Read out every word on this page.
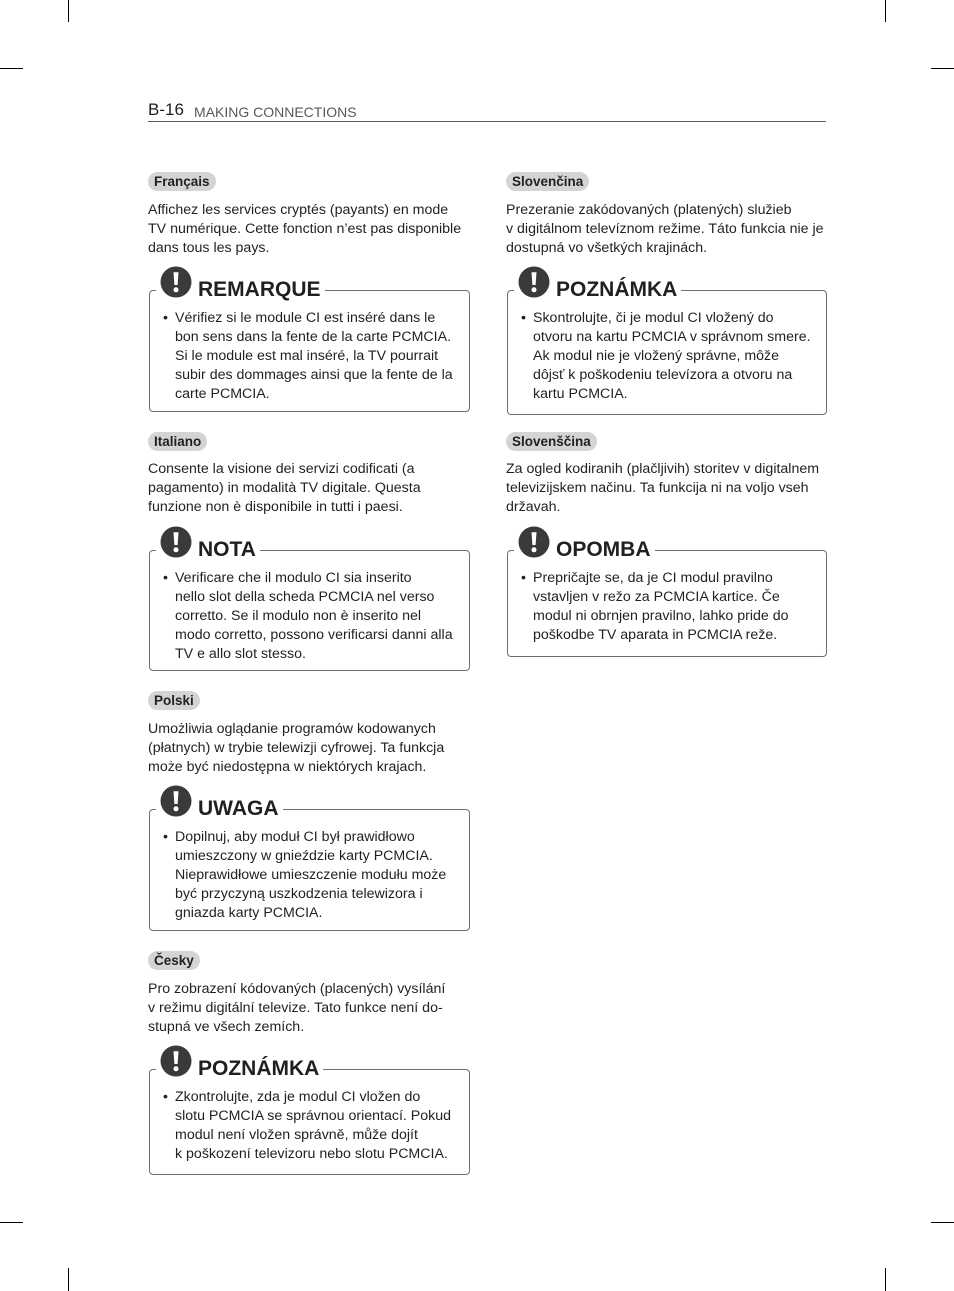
B-16 MAKING CONNECTIONS
Français
Affichez les services cryptés (payants) en mode
TV numérique. Cette fonction n’est pas disponible
dans tous les pays.
REMARQUE
•
Vérifiez si le module CI est inséré dans le
bon sens dans la fente de la carte PCMCIA.
Si le module est mal inséré, la TV pourrait
subir des dommages ainsi que la fente de la
carte PCMCIA.
Italiano
Consente la visione dei servizi codificati (a
pagamento) in modalità TV digitale. Questa
funzione non è disponibile in tutti i paesi.
NOTA
•
Verificare che il modulo CI sia inserito
nello slot della scheda PCMCIA nel verso
corretto. Se il modulo non è inserito nel
modo corretto, possono verificarsi danni alla
TV e allo slot stesso.
Polski
Umożliwia oglądanie programów kodowanych
(płatnych) w trybie telewizji cyfrowej. Ta funkcja
może być niedostępna w niektórych krajach.
UWAGA
•
Dopilnuj, aby moduł CI był prawidłowo
umieszczony w gnieździe karty PCMCIA.
Nieprawidłowe umieszczenie modułu może
być przyczyną uszkodzenia telewizora i
gniazda karty PCMCIA.
Česky
Pro zobrazení kódovaných (placených) vysílání
v režimu digitální televize. Tato funkce není do-
stupná ve všech zemích.
POZNÁMKA
•
Zkontrolujte, zda je modul CI vložen do
slotu PCMCIA se správnou orientací. Pokud
modul není vložen správně, může dojít
k poškození televizoru nebo slotu PCMCIA.
Slovenčina
Prezeranie zakódovaných (platených) služieb
v digitálnom televíznom režime. Táto funkcia nie je
dostupná vo všetkých krajinách.
POZNÁMKA
•
Skontrolujte, či je modul CI vložený do
otvoru na kartu PCMCIA v správnom smere.
Ak modul nie je vložený správne, môže
dôjsť k poškodeniu televízora a otvoru na
kartu PCMCIA.
Slovenščina
Za ogled kodiranih (plačljivih) storitev v digitalnem
televizijskem načinu. Ta funkcija ni na voljo vseh
državah.
OPOMBA
•
Prepričajte se, da je CI modul pravilno
vstavljen v režo za PCMCIA kartice. Če
modul ni obrnjen pravilno, lahko pride do
poškodbe TV aparata in PCMCIA reže.
